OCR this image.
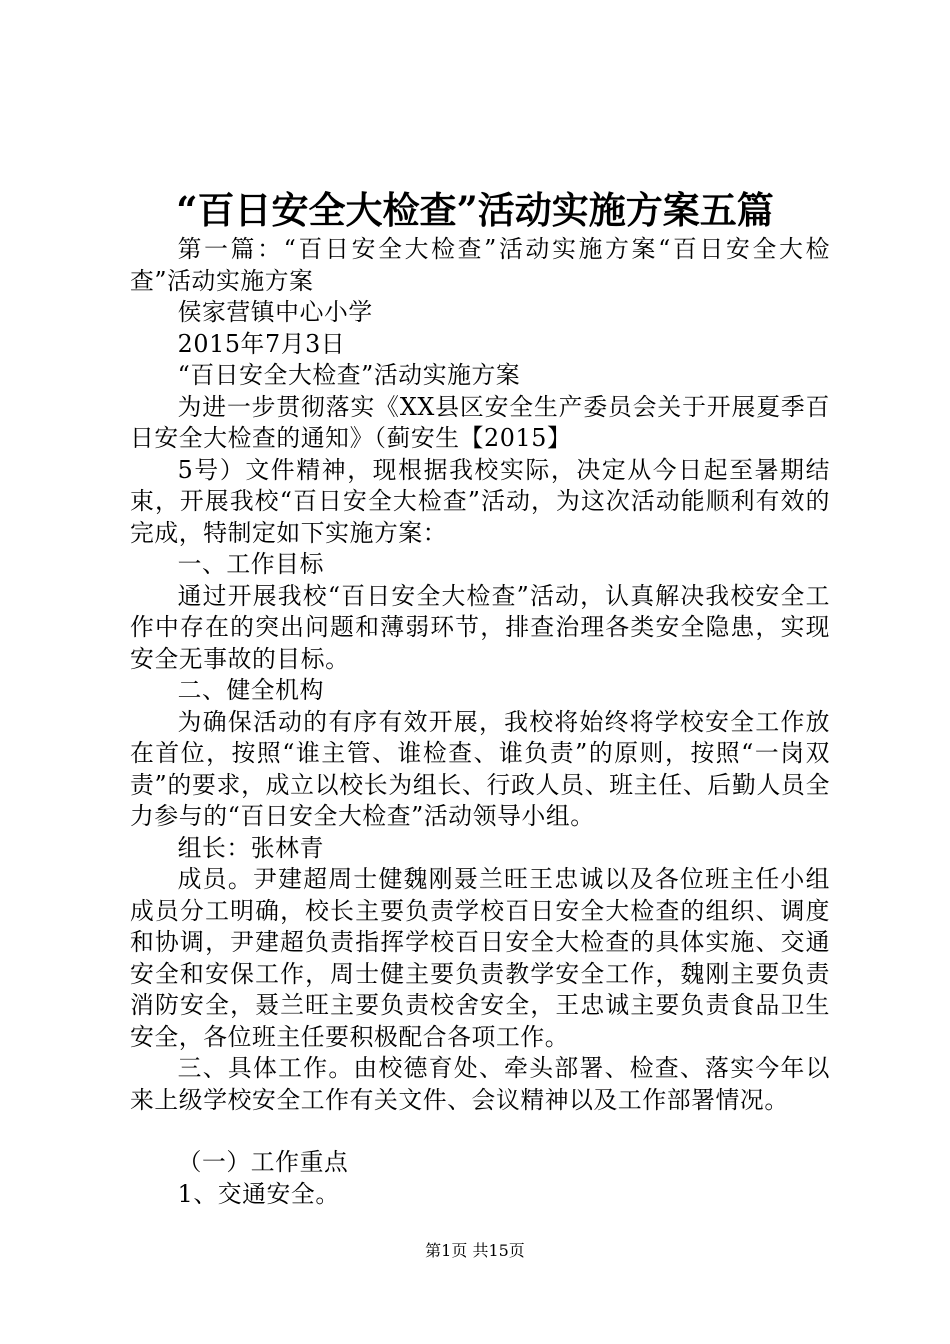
“百日安全大检查”活动实施方案五篇

第一篇：“百日安全大检查”活动实施方案“百日安全大检查”活动实施方案

侯家营镇中心小学

2015年7月3日

“百日安全大检查”活动实施方案

为进一步贯彻落实《XX县区安全生产委员会关于开展夏季百日安全大检查的通知》（蓟安生【2015】

5号）文件精神，现根据我校实际，决定从今日起至暑期结束，开展我校“百日安全大检查”活动，为这次活动能顺利有效的完成，特制定如下实施方案：

一、工作目标

通过开展我校“百日安全大检查”活动，认真解决我校安全工作中存在的突出问题和薄弱环节，排查治理各类安全隐患，实现安全无事故的目标。

二、健全机构

为确保活动的有序有效开展，我校将始终将学校安全工作放在首位，按照“谁主管、谁检查、谁负责”的原则，按照“一岗双责”的要求，成立以校长为组长、行政人员、班主任、后勤人员全力参与的“百日安全大检查”活动领导小组。

组长：张林青

成员。尹建超周士健魏刚聂兰旺王忠诚以及各位班主任小组成员分工明确，校长主要负责学校百日安全大检查的组织、调度和协调，尹建超负责指挥学校百日安全大检查的具体实施、交通安全和安保工作，周士健主要负责教学安全工作，魏刚主要负责消防安全，聂兰旺主要负责校舍安全，王忠诚主要负责食品卫生安全，各位班主任要积极配合各项工作。

三、具体工作。由校德育处、牵头部署、检查、落实今年以来上级学校安全工作有关文件、会议精神以及工作部署情况。

（一）工作重点

1、交通安全。

第1页 共15页
